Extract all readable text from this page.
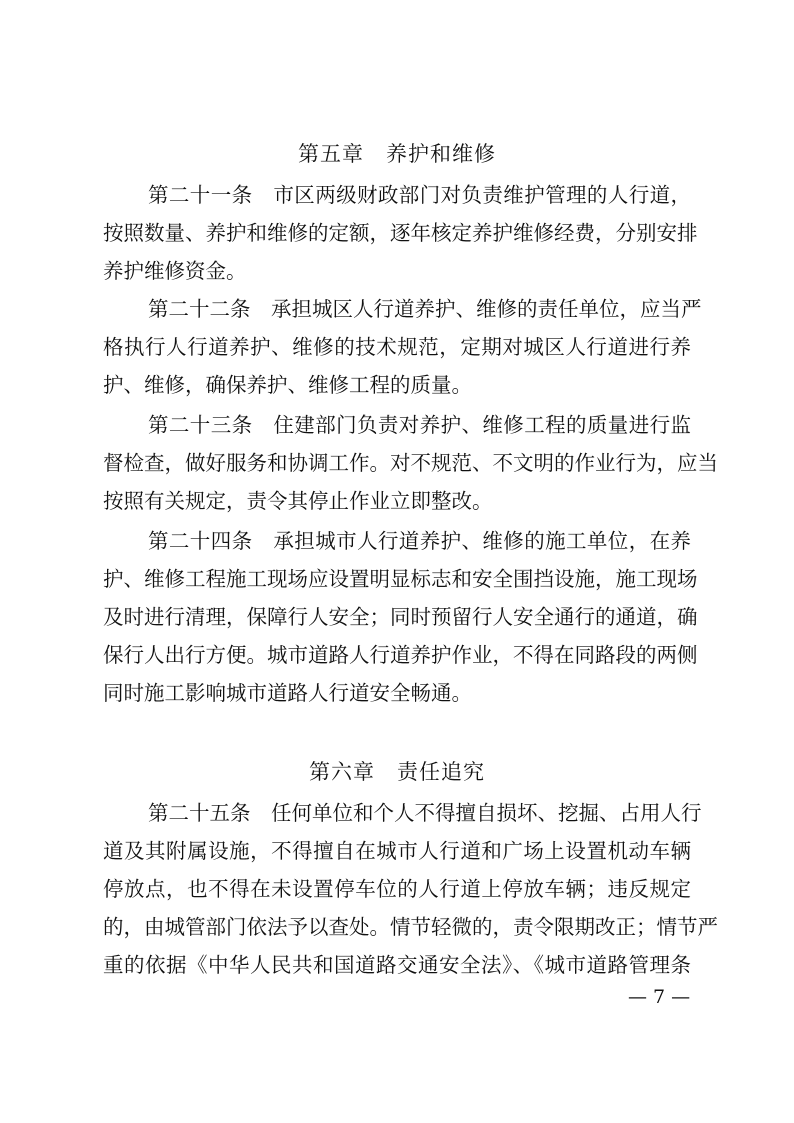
第五章　养护和维修
第二十一条　市区两级财政部门对负责维护管理的人行道，
按照数量、养护和维修的定额，逐年核定养护维修经费，分别安排
养护维修资金。
第二十二条　承担城区人行道养护、维修的责任单位，应当严
格执行人行道养护、维修的技术规范，定期对城区人行道进行养
护、维修，确保养护、维修工程的质量。
第二十三条　住建部门负责对养护、维修工程的质量进行监
督检查，做好服务和协调工作。对不规范、不文明的作业行为，应当
按照有关规定，责令其停止作业立即整改。
第二十四条　承担城市人行道养护、维修的施工单位，在养
护、维修工程施工现场应设置明显标志和安全围挡设施，施工现场
及时进行清理，保障行人安全；同时预留行人安全通行的通道，确
保行人出行方便。城市道路人行道养护作业，不得在同路段的两侧
同时施工影响城市道路人行道安全畅通。
第六章　责任追究
第二十五条　任何单位和个人不得擅自损坏、挖掘、占用人行
道及其附属设施，不得擅自在城市人行道和广场上设置机动车辆
停放点，也不得在未设置停车位的人行道上停放车辆；违反规定
的，由城管部门依法予以查处。情节轻微的，责令限期改正；情节严
重的依据《中华人民共和国道路交通安全法》、《城市道路管理条
— 7 —
